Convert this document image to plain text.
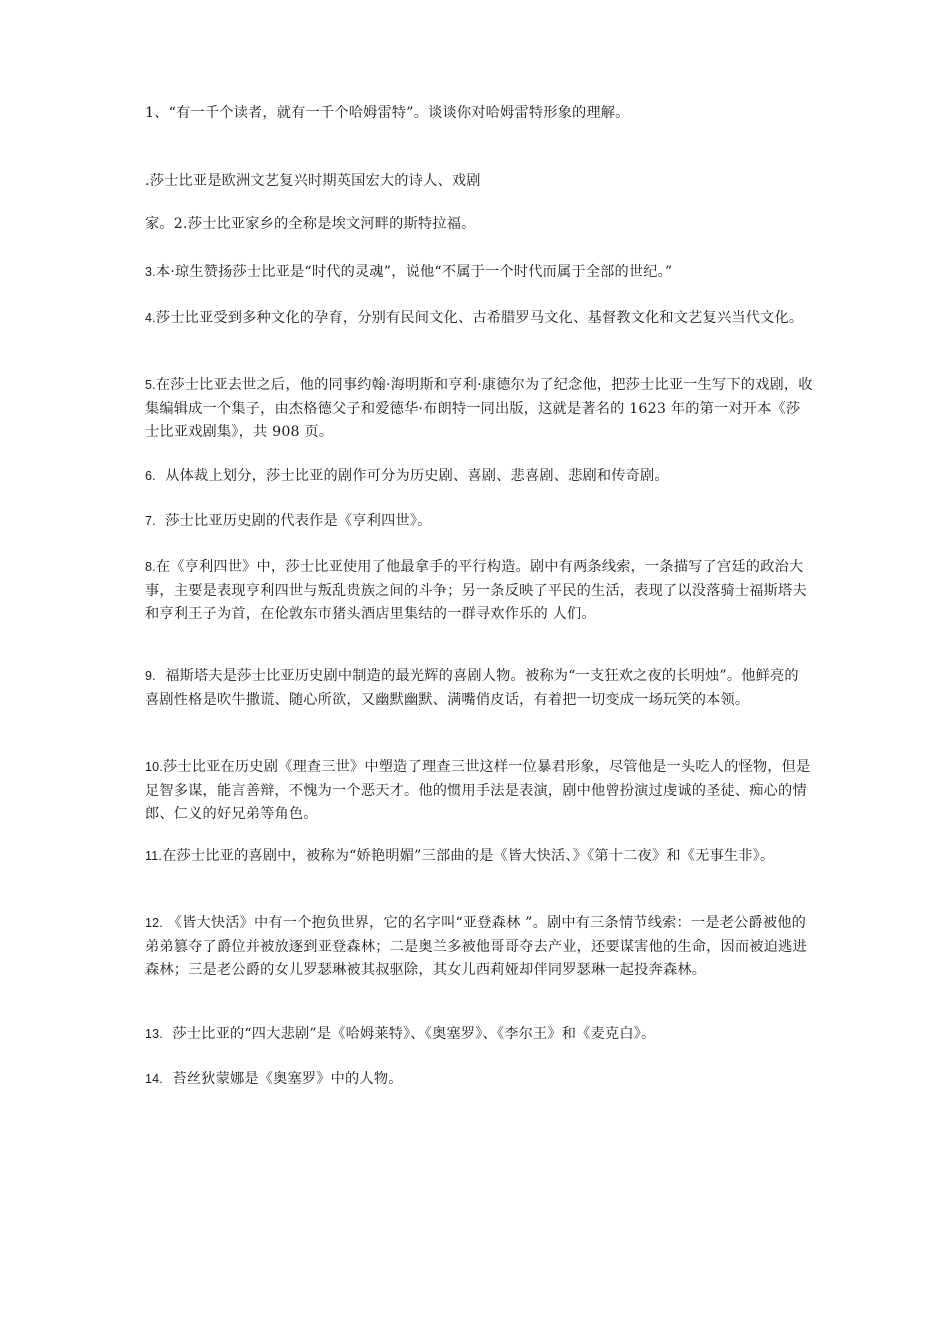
1、“有一千个读者，就有一千个哈姆雷特”。谈谈你对哈姆雷特形象的理解。

.莎士比亚是欧洲文艺复兴时期英国宏大的诗人、戏剧

家。2.莎士比亚家乡的全称是埃文河畔的斯特拉福。

3.本·琼生赞扬莎士比亚是“时代的灵魂”，说他“不属于一个时代而属于全部的世纪。”

4.莎士比亚受到多种文化的孕育，分别有民间文化、古希腊罗马文化、基督教文化和文艺复兴当代文化。

5.在莎士比亚去世之后，他的同事约翰·海明斯和亨利·康德尔为了纪念他，把莎士比亚一生写下的戏剧，收集编辑成一个集子，由杰格德父子和爱德华·布朗特一同出版，这就是著名的 1623 年的第一对开本《莎士比亚戏剧集》，共 908 页。

6. 从体裁上划分，莎士比亚的剧作可分为历史剧、喜剧、悲喜剧、悲剧和传奇剧。

7. 莎士比亚历史剧的代表作是《亨利四世》。

8.在《亨利四世》中，莎士比亚使用了他最拿手的平行构造。剧中有两条线索，一条描写了宫廷的政治大事，主要是表现亨利四世与叛乱贵族之间的斗争；另一条反映了平民的生活，表现了以没落骑士福斯塔夫和亨利王子为首，在伦敦东市猪头酒店里集结的一群寻欢作乐的 人们。

9. 福斯塔夫是莎士比亚历史剧中制造的最光辉的喜剧人物。被称为“一支狂欢之夜的长明烛”。他鲜亮的喜剧性格是吹牛撒谎、随心所欲，又幽默幽默、满嘴俏皮话，有着把一切变成一场玩笑的本领。

10.莎士比亚在历史剧《理查三世》中塑造了理查三世这样一位暴君形象，尽管他是一头吃人的怪物，但是足智多谋，能言善辩，不愧为一个恶天才。他的惯用手法是表演，剧中他曾扮演过虔诚的圣徒、痴心的情郎、仁义的好兄弟等角色。

11.在莎士比亚的喜剧中，被称为“娇艳明媚”三部曲的是《皆大快活、》《第十二夜》和《无事生非》。

12. 《皆大快活》中有一个抱负世界，它的名字叫“亚登森林 ”。剧中有三条情节线索：一是老公爵被他的弟弟篡夺了爵位并被放逐到亚登森林；二是奥兰多被他哥哥夺去产业，还要谋害他的生命，因而被迫逃进森林；三是老公爵的女儿罗瑟琳被其叔驱除，其女儿西莉娅却伴同罗瑟琳一起投奔森林。

13. 莎士比亚的“四大悲剧”是《哈姆莱特》、《奥塞罗》、《李尔王》和《麦克白》。

14. 苔丝狄蒙娜是《奥塞罗》中的人物。
